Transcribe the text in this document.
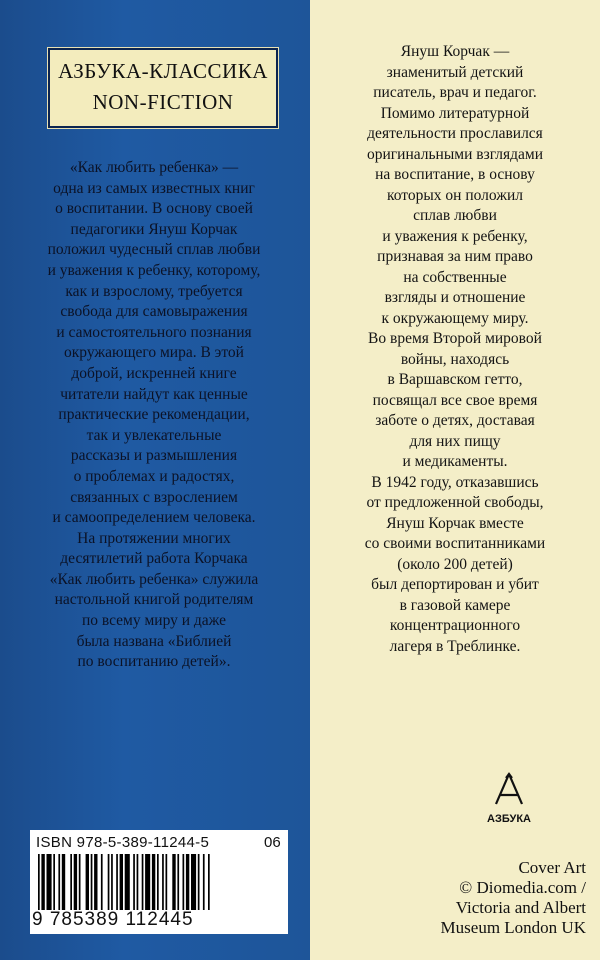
АЗБУКА-КЛАССИКА
NON-FICTION
«Как любить ребенка» —
одна из самых известных книг
о воспитании. В основу своей
педагогики Януш Корчак
положил чудесный сплав любви
и уважения к ребенку, которому,
как и взрослому, требуется
свобода для самовыражения
и самостоятельного познания
окружающего мира. В этой
доброй, искренней книге
читатели найдут как ценные
практические рекомендации,
так и увлекательные
рассказы и размышления
о проблемах и радостях,
связанных с взрослением
и самоопределением человека.
На протяжении многих
десятилетий работа Корчака
«Как любить ребенка» служила
настольной книгой родителям
по всему миру и даже
была названа «Библией
по воспитанию детей».
ISBN 978-5-389-11244-5	06
9 785389 112445
Януш Корчак —
знаменитый детский
писатель, врач и педагог.
Помимо литературной
деятельности прославился
оригинальными взглядами
на воспитание, в основу
которых он положил
сплав любви
и уважения к ребенку,
признавая за ним право
на собственные
взгляды и отношение
к окружающему миру.
Во время Второй мировой
войны, находясь
в Варшавском гетто,
посвящал все свое время
заботе о детях, доставая
для них пищу
и медикаменты.
В 1942 году, отказавшись
от предложенной свободы,
Януш Корчак вместе
со своими воспитанниками
(около 200 детей)
был депортирован и убит
в газовой камере
концентрационного
лагеря в Треблинке.
АЗБУКА
Cover Art
© Diomedia.com /
Victoria and Albert
Museum London UK
